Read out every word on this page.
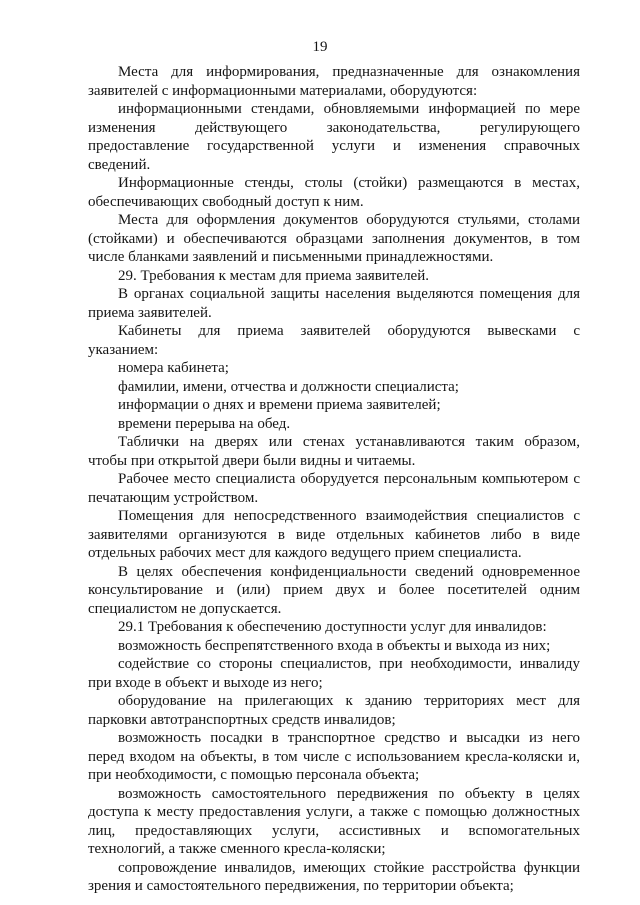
19
Места для информирования, предназначенные для ознакомления
заявителей с информационными материалами, оборудуются:
информационными стендами, обновляемыми информацией по мере
изменения действующего законодательства, регулирующего
предоставление государственной услуги и изменения справочных
сведений.
Информационные стенды, столы (стойки) размещаются в местах,
обеспечивающих свободный доступ к ним.
Места для оформления документов оборудуются стульями, столами
(стойками) и обеспечиваются образцами заполнения документов, в том
числе бланками заявлений и письменными принадлежностями.
29. Требования к местам для приема заявителей.
В органах социальной защиты населения выделяются помещения для
приема заявителей.
Кабинеты для приема заявителей оборудуются вывесками с
указанием:
номера кабинета;
фамилии, имени, отчества и должности специалиста;
информации о днях и времени приема заявителей;
времени перерыва на обед.
Таблички на дверях или стенах устанавливаются таким образом,
чтобы при открытой двери были видны и читаемы.
Рабочее место специалиста оборудуется персональным компьютером с
печатающим устройством.
Помещения для непосредственного взаимодействия специалистов с
заявителями организуются в виде отдельных кабинетов либо в виде
отдельных рабочих мест для каждого ведущего прием специалиста.
В целях обеспечения конфиденциальности сведений одновременное
консультирование и (или) прием двух и более посетителей одним
специалистом не допускается.
29.1 Требования к обеспечению доступности услуг для инвалидов:
возможность беспрепятственного входа в объекты и выхода из них;
содействие со стороны специалистов, при необходимости, инвалиду
при входе в объект и выходе из него;
оборудование на прилегающих к зданию территориях мест для
парковки автотранспортных средств инвалидов;
возможность посадки в транспортное средство и высадки из него
перед входом на объекты, в том числе с использованием кресла-коляски и,
при необходимости, с помощью персонала объекта;
возможность самостоятельного передвижения по объекту в целях
доступа к месту предоставления услуги, а также с помощью должностных
лиц, предоставляющих услуги, ассистивных и вспомогательных
технологий, а также сменного кресла-коляски;
сопровождение инвалидов, имеющих стойкие расстройства функции
зрения и самостоятельного передвижения, по территории объекта;
